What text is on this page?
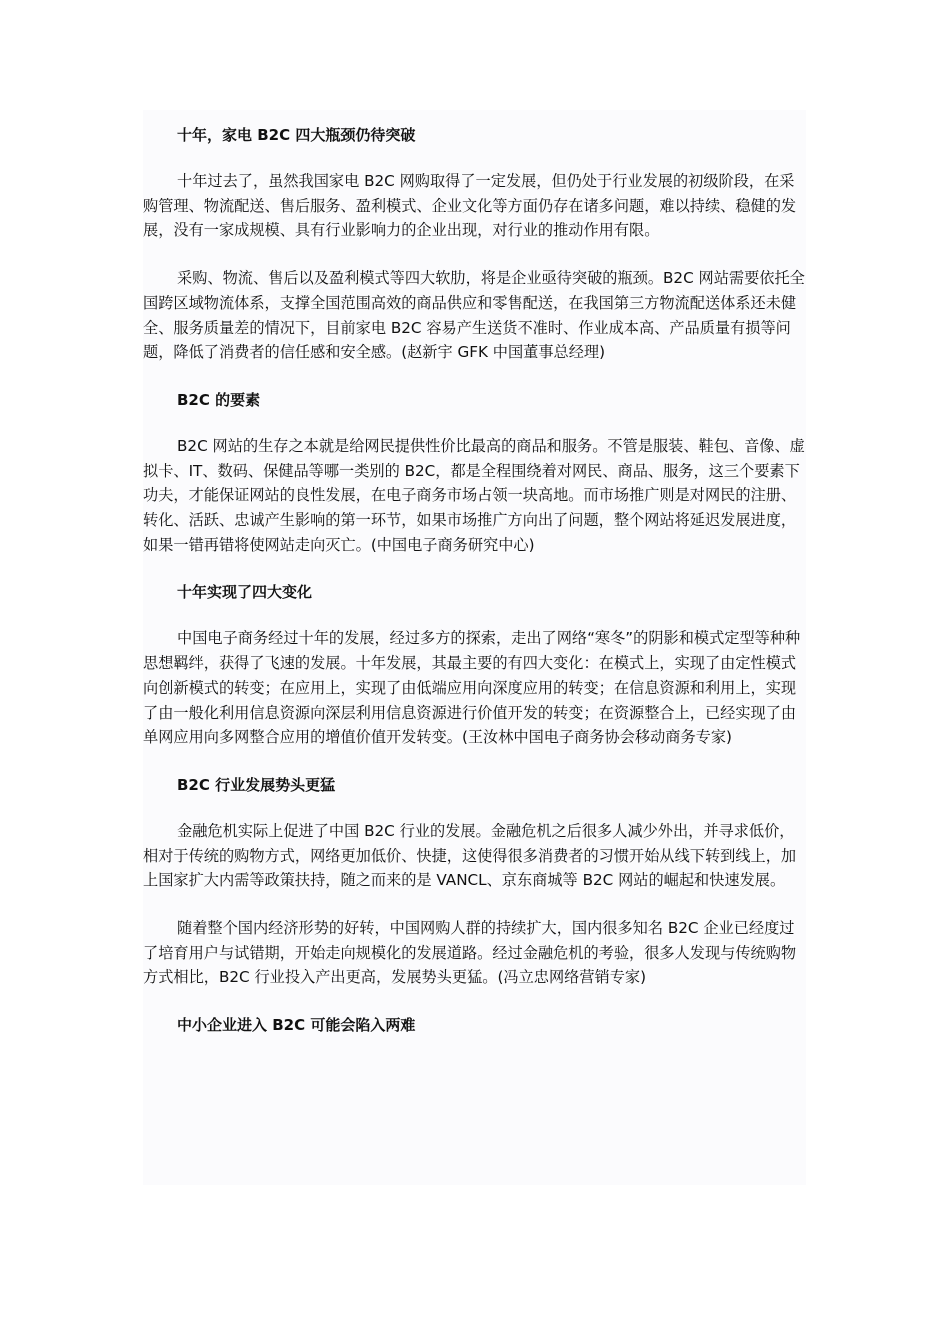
十年，家电 B2C 四大瓶颈仍待突破

十年过去了，虽然我国家电 B2C 网购取得了一定发展，但仍处于行业发展的初级阶段，在采购管理、物流配送、售后服务、盈利模式、企业文化等方面仍存在诸多问题，难以持续、稳健的发展，没有一家成规模、具有行业影响力的企业出现，对行业的推动作用有限。

采购、物流、售后以及盈利模式等四大软肋，将是企业亟待突破的瓶颈。B2C 网站需要依托全国跨区域物流体系，支撑全国范围高效的商品供应和零售配送，在我国第三方物流配送体系还未健全、服务质量差的情况下，目前家电 B2C 容易产生送货不准时、作业成本高、产品质量有损等问题，降低了消费者的信任感和安全感。(赵新宇 GFK 中国董事总经理)

B2C 的要素

B2C 网站的生存之本就是给网民提供性价比最高的商品和服务。不管是服装、鞋包、音像、虚拟卡、IT、数码、保健品等哪一类别的 B2C，都是全程围绕着对网民、商品、服务，这三个要素下功夫，才能保证网站的良性发展，在电子商务市场占领一块高地。而市场推广则是对网民的注册、转化、活跃、忠诚产生影响的第一环节，如果市场推广方向出了问题，整个网站将延迟发展进度，如果一错再错将使网站走向灭亡。(中国电子商务研究中心)

十年实现了四大变化

中国电子商务经过十年的发展，经过多方的探索，走出了网络“寒冬”的阴影和模式定型等种种思想羁绊，获得了飞速的发展。十年发展，其最主要的有四大变化：在模式上，实现了由定性模式向创新模式的转变；在应用上，实现了由低端应用向深度应用的转变；在信息资源和利用上，实现了由一般化利用信息资源向深层利用信息资源进行价值开发的转变；在资源整合上，已经实现了由单网应用向多网整合应用的增值价值开发转变。(王汝林中国电子商务协会移动商务专家)

B2C 行业发展势头更猛

金融危机实际上促进了中国 B2C 行业的发展。金融危机之后很多人减少外出，并寻求低价，相对于传统的购物方式，网络更加低价、快捷，这使得很多消费者的习惯开始从线下转到线上，加上国家扩大内需等政策扶持，随之而来的是 VANCL、京东商城等 B2C 网站的崛起和快速发展。

随着整个国内经济形势的好转，中国网购人群的持续扩大，国内很多知名 B2C 企业已经度过了培育用户与试错期，开始走向规模化的发展道路。经过金融危机的考验，很多人发现与传统购物方式相比，B2C 行业投入产出更高，发展势头更猛。(冯立忠网络营销专家)

中小企业进入 B2C 可能会陷入两难
